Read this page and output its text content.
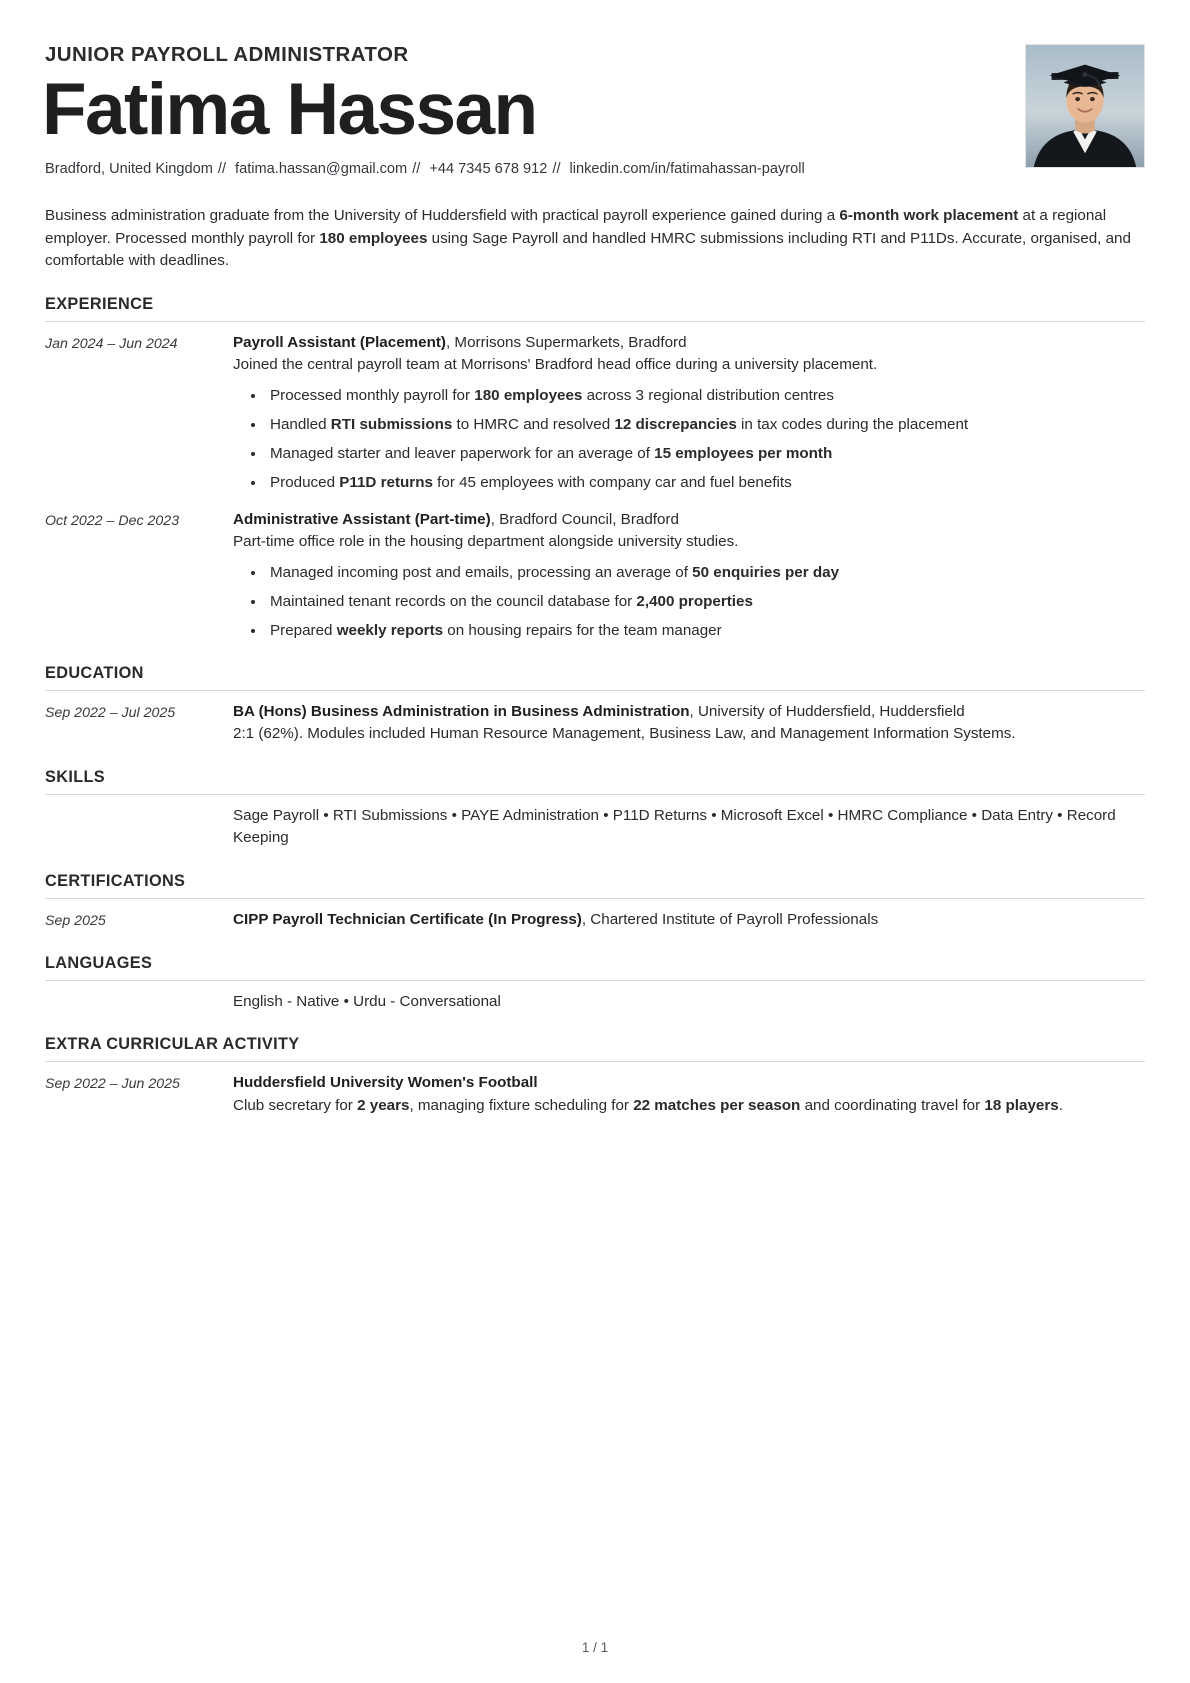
JUNIOR PAYROLL ADMINISTRATOR
Fatima Hassan
Bradford, United Kingdom // fatima.hassan@gmail.com // +44 7345 678 912 // linkedin.com/in/fatimahassan-payroll
Business administration graduate from the University of Huddersfield with practical payroll experience gained during a 6-month work placement at a regional employer. Processed monthly payroll for 180 employees using Sage Payroll and handled HMRC submissions including RTI and P11Ds. Accurate, organised, and comfortable with deadlines.
EXPERIENCE
Jan 2024 – Jun 2024	Payroll Assistant (Placement), Morrisons Supermarkets, Bradford
Joined the central payroll team at Morrisons' Bradford head office during a university placement.
• Processed monthly payroll for 180 employees across 3 regional distribution centres
• Handled RTI submissions to HMRC and resolved 12 discrepancies in tax codes during the placement
• Managed starter and leaver paperwork for an average of 15 employees per month
• Produced P11D returns for 45 employees with company car and fuel benefits
Oct 2022 – Dec 2023	Administrative Assistant (Part-time), Bradford Council, Bradford
Part-time office role in the housing department alongside university studies.
• Managed incoming post and emails, processing an average of 50 enquiries per day
• Maintained tenant records on the council database for 2,400 properties
• Prepared weekly reports on housing repairs for the team manager
EDUCATION
Sep 2022 – Jul 2025	BA (Hons) Business Administration in Business Administration, University of Huddersfield, Huddersfield
2:1 (62%). Modules included Human Resource Management, Business Law, and Management Information Systems.
SKILLS
Sage Payroll • RTI Submissions • PAYE Administration • P11D Returns • Microsoft Excel • HMRC Compliance • Data Entry • Record Keeping
CERTIFICATIONS
Sep 2025	CIPP Payroll Technician Certificate (In Progress), Chartered Institute of Payroll Professionals
LANGUAGES
English - Native • Urdu - Conversational
EXTRA CURRICULAR ACTIVITY
Sep 2022 – Jun 2025	Huddersfield University Women's Football
Club secretary for 2 years, managing fixture scheduling for 22 matches per season and coordinating travel for 18 players.
1 / 1
